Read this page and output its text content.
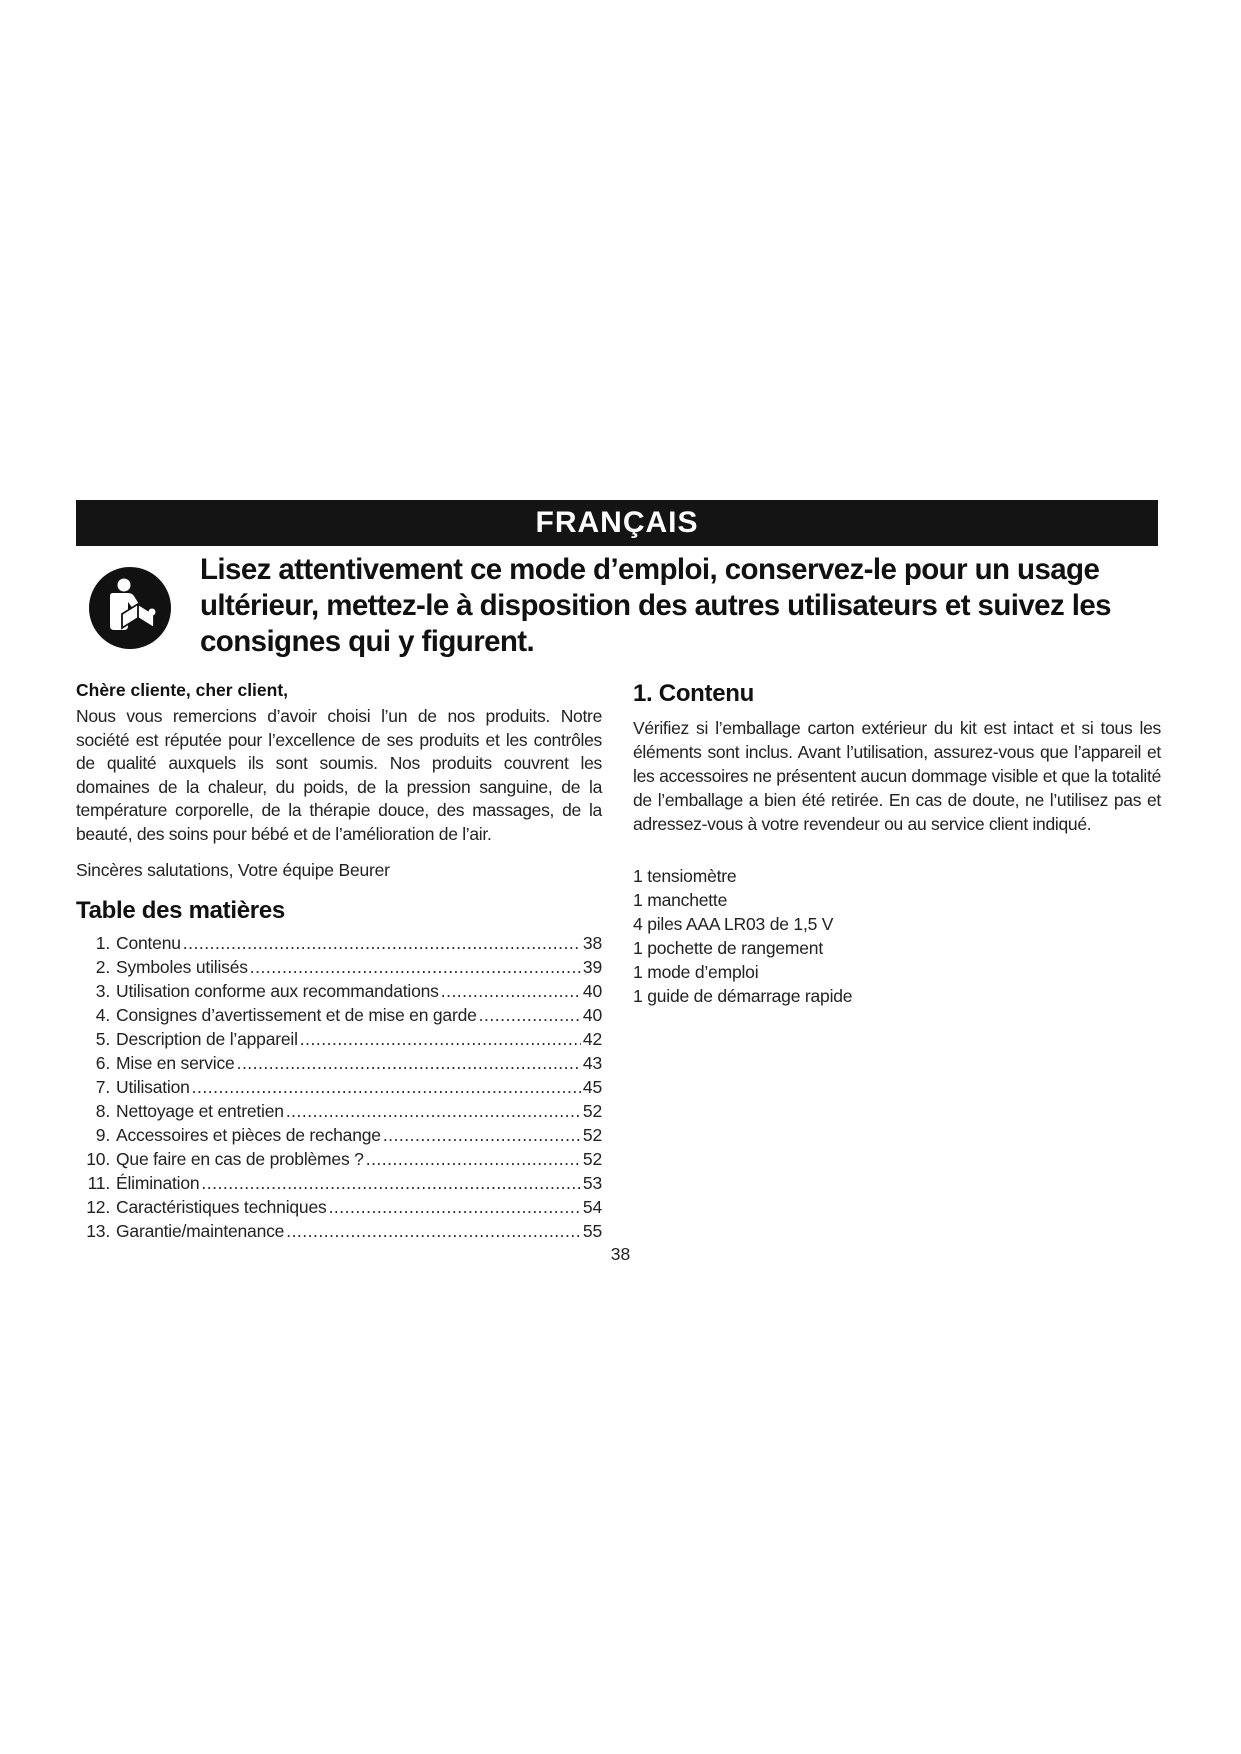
FRANÇAIS
Lisez attentivement ce mode d’emploi, conservez-le pour un usage ultérieur, mettez-le à disposition des autres utilisateurs et suivez les consignes qui y figurent.

Chère cliente, cher client,

Nous vous remercions d’avoir choisi l’un de nos produits. Notre société est réputée pour l’excellence de ses produits et les contrôles de qualité auxquels ils sont soumis. Nos produits couvrent les domaines de la chaleur, du poids, de la pression sanguine, de la température corporelle, de la thérapie douce, des massages, de la beauté, des soins pour bébé et de l’amélioration de l’air.

Sincères salutations, Votre équipe Beurer
Table des matières
1. Contenu .....	38
2. Symboles utilisés .....	39
3. Utilisation conforme aux recommandations .....	40
4. Consignes d’avertissement et de mise en garde .....	40
5. Description de l’appareil .....	42
6. Mise en service .....	43
7. Utilisation .....	45
8. Nettoyage et entretien .....	52
9. Accessoires et pièces de rechange .....	52
10. Que faire en cas de problèmes ? .....	52
11. Élimination .....	53
12. Caractéristiques techniques .....	54
13. Garantie/maintenance .....	55
1. Contenu

Vérifiez si l’emballage carton extérieur du kit est intact et si tous les éléments sont inclus. Avant l’utilisation, assurez-vous que l’appareil et les accessoires ne présentent aucun dommage visible et que la totalité de l’emballage a bien été retirée. En cas de doute, ne l’utilisez pas et adressez-vous à votre revendeur ou au service client indiqué.

1 tensiomètre
1 manchette
4 piles AAA LR03 de 1,5 V
1 pochette de rangement
1 mode d’emploi
1 guide de démarrage rapide
38
